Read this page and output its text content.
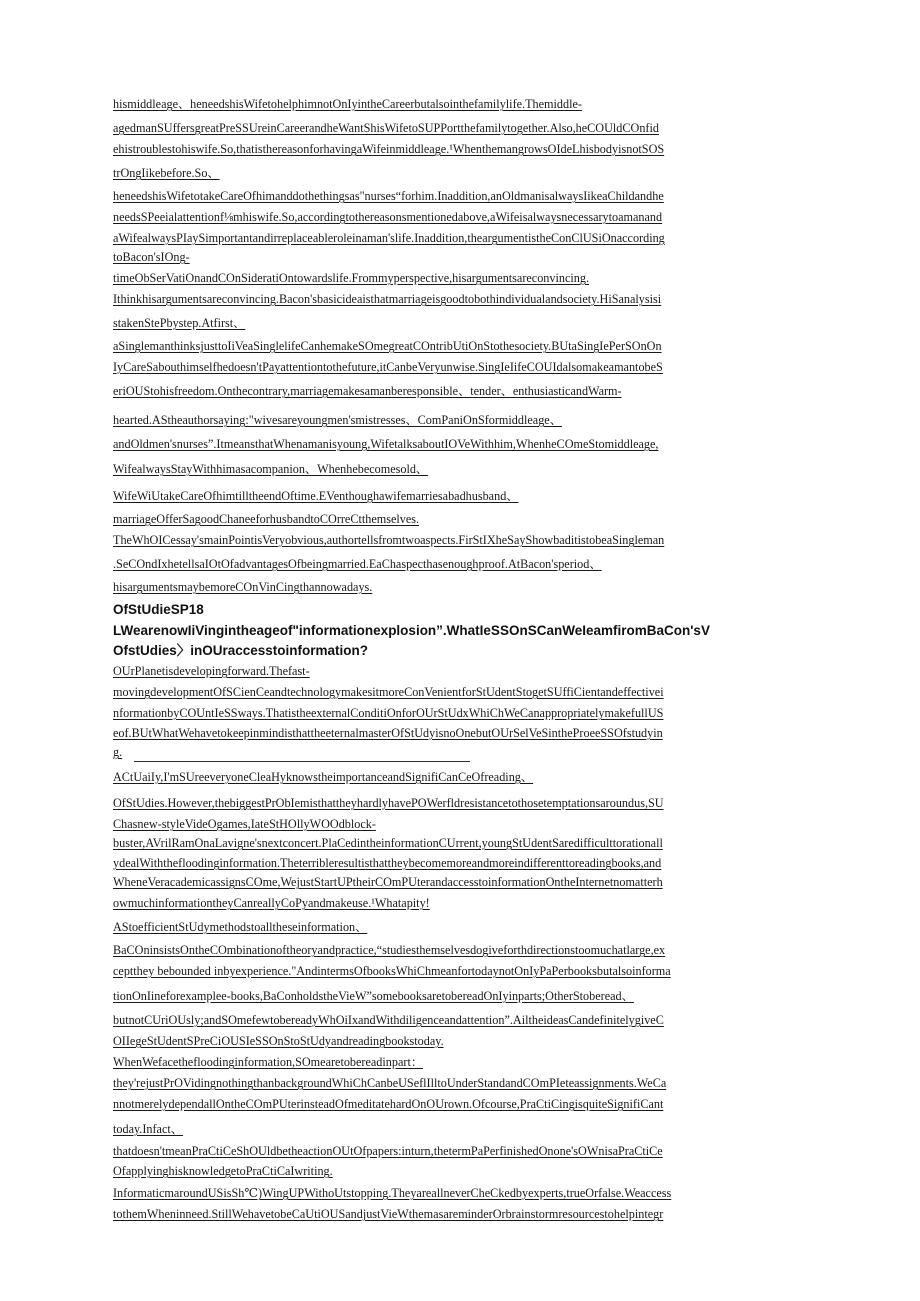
hismiddleage、heneedshisWifetohelphimnotOnIyintheCareerbutalsointhefamilylife.Themiddle-
agedmanSUffersgreatPreSSUreinCareerandheWantShisWifetoSUPPortthefamilytogether.Also,heCOUldCOnfid
ehistroublestohiswife.So,thatisthereasonforhavingaWifeinmiddleage.¹WhenthemangrowsOIdeLhisbodyisnotSOS
trOngIikebefore.So、
heneedshisWifetotakeCareOfhimanddothethingsas"nurses“forhim.Inaddition,anOldmanisalwaysIikeaChildandhe
needsSPeeialattentionf⅛mhiswife.So,accordingtothereasonsmentionedabove,aWifeisalwaysnecessarytoamanand
aWifealwaysPIaySimportantandirreplaceableroleinaman'slife.Inaddition,theargumentistheConClUSiOnaccording
toBacon'sIOng-
timeObSerVatiOnandCOnSideratiOntowardslife.Frommyperspective,hisargumentsareconvincing.
Ithinkhisargumentsareconvincing.Bacon'sbasicideaisthatmarriageisgoodtobothindividualandsociety.HiSanalysisi
stakenStePbystep.Atfirst、
aSinglemanthinksjusttoIiVeaSinglelifeCanhemakeSOmegreatCOntribUtiOnStothesociety.BUtaSingIePerSOnOn
IyCareSabouthimselfhedoesn'tPayattentiontothefuture,itCanbeVeryunwise.SingIeIifeCOUIdalsomakeamantobeS
eriOUStohisfreedom.Onthecontrary,marriagemakesamanberesponsible、tender、enthusiasticandWarm-
hearted.AStheauthorsaying:"wivesareyoungmen'smistresses、ComPaniOnSformiddleage、
andOldmen'snurses”.ItmeansthatWhenamanisyoung,WifetalksaboutIOVeWithhim,WhenheCOmeStomiddleage,
WifealwaysStayWithhimasacompanion、Whenhebecomesold、
WifeWiUtakeCareOfhimtilltheendOftime.EVenthoughawifemarriesabadhusband、
marriageOfferSagoodChaneeforhusbandtoCOrreCtthemselves.
TheWhOICessay'smainPointisVeryobvious,authortellsfromtwoaspects.FirStIXheSayShowbaditistobeaSingleman
.SeCOndIxhetellsaIOtOfadvantagesOfbeingmarried.EaChaspecthasenoughproof.AtBacon'speriod、
hisargumentsmaybemoreCOnVinCingthannowadays.
OfStUdieSP18
LWearenowIiVingintheageof"informationexplosion”.WhatIeSSOnSCanWeIeamfiromBaCon'sV
OfstUdies〉inOUraccesstoinformation?
OUrPlanetisdevelopingforward.Thefast-
movingdevelopmentOfSCienCeandtechnologymakesitmoreConVenientforStUdentStogetSUffiCientandeffectivei
nformationbyCOUntIeSSways.ThatistheexternalConditiOnforOUrStUdxWhiChWeCanappropriatelymakefullUS
eof.BUtWhatWehavetokeepinmindisthattheeternalmasterOfStUdyisnoOnebutOUrSelVeSintheProeeSSOfstudyin
g.
ACtUaiIy,I'mSUreeveryoneCleaHyknowstheimportanceandSignifiCanCeOfreading、
OfStUdies.However,thebiggestPrObIemisthattheyhardlyhavePOWerfldresistancetothosetemptationsaroundus,SU
Chasnew-styleVideOgames,IateStHOllyWOOdblock-
buster,AVrilRamOnaLavigne'snextconcert.PlaCedintheinformationCUrrent,youngStUdentSaredifficulttorationall
ydealWiththefloodinginformation.Theterribleresultisthattheybecomemoreandmoreindifferenttoreadingbooks,and
WheneVeracademicassignsCOme,WejustStartUPtheirCOmPUterandaccesstoinformationOntheInternetnomatterh
owmuchinformationtheyCanreallyCoPyandmakeuse.¹Whatapity!
AStoefficientStUdymethodstoalltheseinformation、
BaCOninsistsOntheCOmbinationoftheoryandpractice,“studiesthemselvesdogiveforthdirectionstoomuchatlarge,ex
ceptthey bebounded inbyexperience."AndintermsOfbooksWhiChmeanfortodaynotOnIyPaPerbooksbutalsoinforma
tionOnIineforexamplee-books,BaConholdstheVieW”somebooksaretobereadOnIyinparts;OtherStoberead、
butnotCUriOUsly;andSOmefewtobereadyWhOiIxandWithdiligenceandattention”.AiltheideasCandefinitelygiveC
OIIegeStUdentSPreCiOUSIeSSOnStoStUdyandreadingbookstoday.
WhenWefacethefloodinginformation,SOmearetobereadinpart：
they'rejustPrOVidingnothingthanbackgroundWhiChCanbeUSeflIlltoUnderStandandCOmPIeteassignments.WeCa
nnotmerelydependallOntheCOmPUterinsteadOfmeditatehardOnOUrown.Ofcourse,PraCtiCingisquiteSignifiCant
today.Infact、
thatdoesn'tmeanPraCtiCeShOUldbetheactionOUtOfpapers:inturn,thetermPaPerfinishedOnone'sOWnisaPraCtiCe
OfapplyinghisknowledgetoPraCtiCaIwriting.
InformaticmaroundUSisSh℃)WingUPWithoUtstopping.TheyareallneverCheCkedbyexperts,trueOrfalse.Weaccess
tothemWheninneed.StillWehavetobeCaUtiOUSandjustVieWthemasareminderOrbrainstormresourcestohelpintegr
